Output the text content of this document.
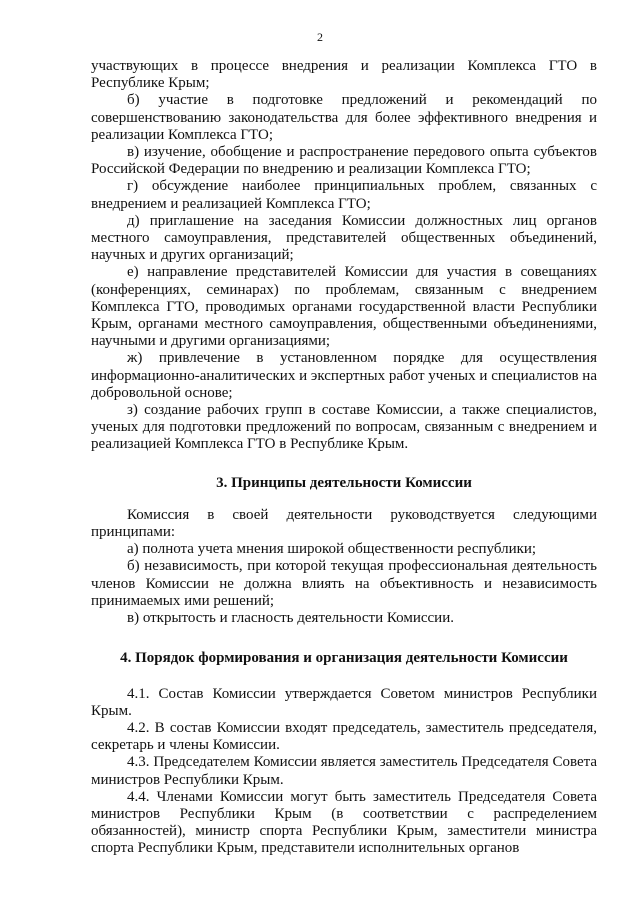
2

участвующих в процессе внедрения и реализации Комплекса ГТО в Республике Крым;

б) участие в подготовке предложений и рекомендаций по совершенствованию законодательства для более эффективного внедрения и реализации Комплекса ГТО;

в) изучение, обобщение и распространение передового опыта субъектов Российской Федерации по внедрению и реализации Комплекса ГТО;

г) обсуждение наиболее принципиальных проблем, связанных с внедрением и реализацией Комплекса ГТО;

д) приглашение на заседания Комиссии должностных лиц органов местного самоуправления, представителей общественных объединений, научных и других организаций;

е) направление представителей Комиссии для участия в совещаниях (конференциях, семинарах) по проблемам, связанным с внедрением Комплекса ГТО, проводимых органами государственной власти Республики Крым, органами местного самоуправления, общественными объединениями, научными и другими организациями;

ж) привлечение в установленном порядке для осуществления информационно-аналитических и экспертных работ ученых и специалистов на добровольной основе;

з) создание рабочих групп в составе Комиссии, а также специалистов, ученых для подготовки предложений по вопросам, связанным с внедрением и реализацией Комплекса ГТО в Республике Крым.

3. Принципы деятельности Комиссии

Комиссия в своей деятельности руководствуется следующими принципами:

а) полнота учета мнения широкой общественности республики;

б) независимость, при которой текущая профессиональная деятельность членов Комиссии не должна влиять на объективность и независимость принимаемых ими решений;

в) открытость и гласность деятельности Комиссии.

4. Порядок формирования и организация деятельности Комиссии

4.1. Состав Комиссии утверждается Советом министров Республики Крым.

4.2. В состав Комиссии входят председатель, заместитель председателя, секретарь и члены Комиссии.

4.3. Председателем Комиссии является заместитель Председателя Совета министров Республики Крым.

4.4. Членами Комиссии могут быть заместитель Председателя Совета министров Республики Крым (в соответствии с распределением обязанностей), министр спорта Республики Крым, заместители министра спорта Республики Крым, представители исполнительных органов
